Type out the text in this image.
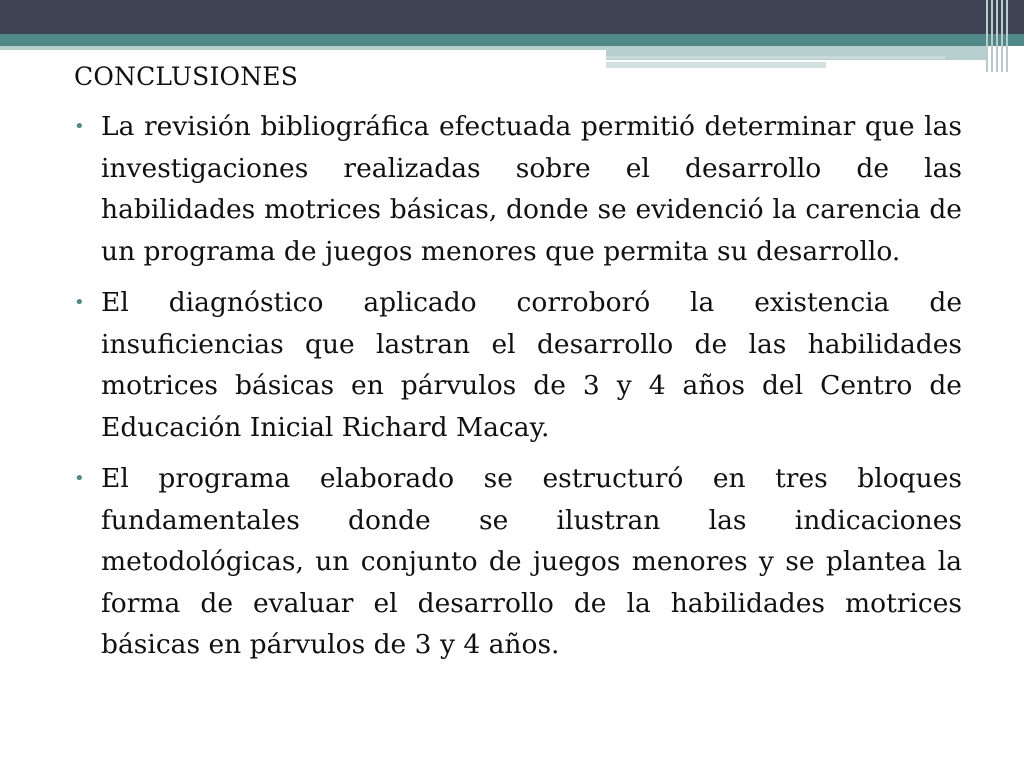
CONCLUSIONES
• La revisión bibliográfica efectuada permitió determinar que las investigaciones realizadas sobre el desarrollo de las habilidades motrices básicas, donde se evidenció la carencia de un programa de juegos menores que permita su desarrollo.
• El diagnóstico aplicado corroboró la existencia de insuficiencias que lastran el desarrollo de las habilidades motrices básicas en párvulos de 3 y 4 años del Centro de Educación Inicial Richard Macay.
• El programa elaborado se estructuró en tres bloques fundamentales donde se ilustran las indicaciones metodológicas, un conjunto de juegos menores y se plantea la forma de evaluar el desarrollo de la habilidades motrices básicas en párvulos de 3 y 4 años.
